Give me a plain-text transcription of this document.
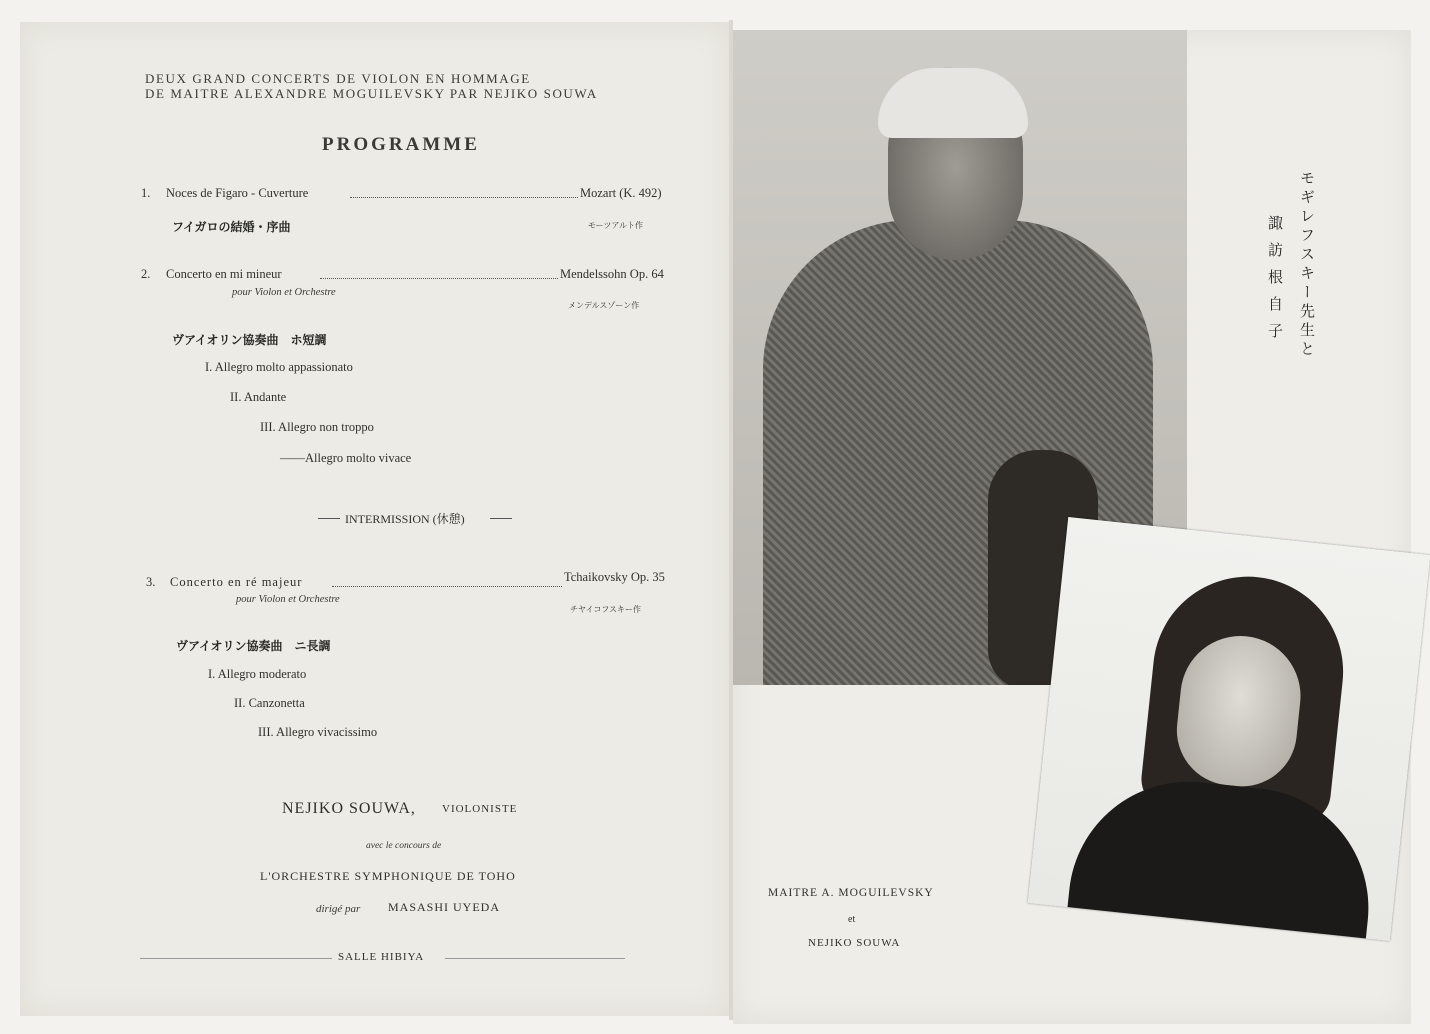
DEUX GRAND CONCERTS DE VIOLON EN HOMMAGE
DE MAITRE ALEXANDRE MOGUILEVSKY PAR NEJIKO SOUWA
PROGRAMME
1. Noces de Figaro - Cuverture	Mozart (K. 492)
フイガロの結婚・序曲	モーツアルト作
2. Concerto en mi mineur	Mendelssohn Op. 64
pour Violon et Orchestre
メンデルスゾーン作
ヴアイオリン協奏曲　ホ短調
I. Allegro molto appassionato
II. Andante
III. Allegro non troppo
——Allegro molto vivace
INTERMISSION (休憩)
3. Concerto en ré majeur	Tchaikovsky Op. 35
pour Violon et Orchestre
チヤイコフスキー作
ヴアイオリン協奏曲　ニ長調
I. Allegro moderato
II. Canzonetta
III. Allegro vivacissimo
NEJIKO SOUWA, VIOLONISTE
avec le concours de
L'ORCHESTRE SYMPHONIQUE DE TOHO
dirigé par MASASHI UYEDA
SALLE HIBIYA
モギレフスキー先生と
諏訪根自子
MAITRE A. MOGUILEVSKY
et
NEJIKO SOUWA
